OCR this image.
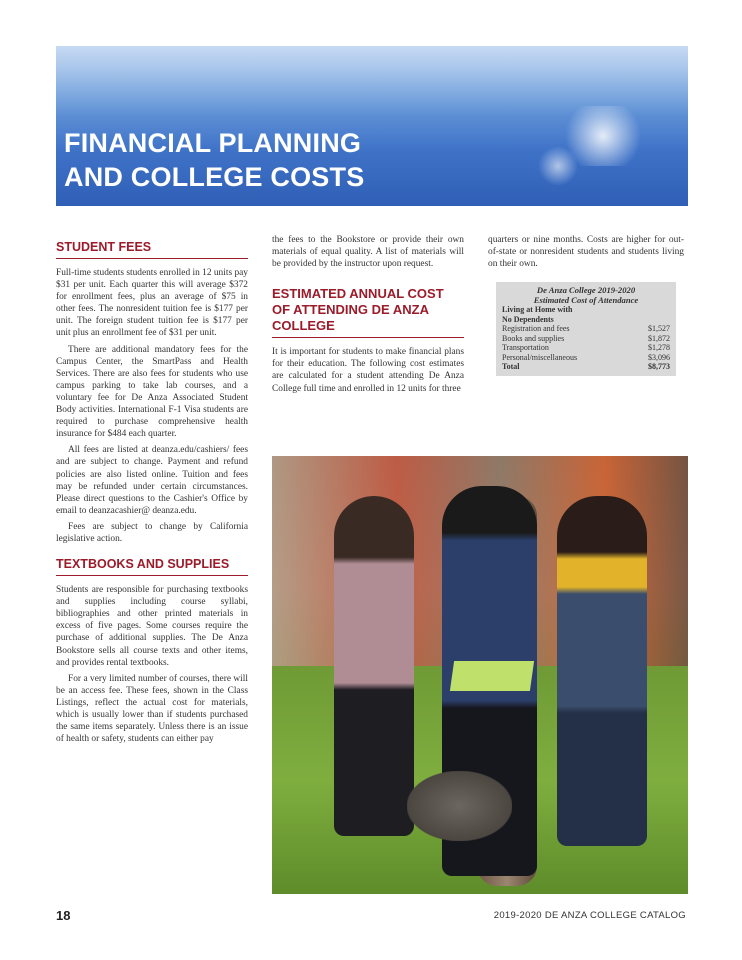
FINANCIAL PLANNING
AND COLLEGE COSTS
STUDENT FEES

Full-time students students enrolled in 12 units pay $31 per unit. Each quarter this will average $372 for enrollment fees, plus an average of $75 in other fees. The nonresident tuition fee is $177 per unit. The foreign student tuition fee is $177 per unit plus an enrollment fee of $31 per unit.

There are additional mandatory fees for the Campus Center, the SmartPass and Health Services. There are also fees for students who use campus parking to take lab courses, and a voluntary fee for De Anza Associated Student Body activities. International F-1 Visa students are required to purchase comprehensive health insurance for $484 each quarter.

All fees are listed at deanza.edu/cashiers/ fees and are subject to change. Payment and refund policies are also listed online. Tuition and fees may be refunded under certain circumstances. Please direct questions to the Cashier's Office by email to deanzacashier@ deanza.edu.

Fees are subject to change by California legislative action.

TEXTBOOKS AND SUPPLIES

Students are responsible for purchasing textbooks and supplies including course syllabi, bibliographies and other printed materials in excess of five pages. Some courses require the purchase of additional supplies. The De Anza Bookstore sells all course texts and other items, and provides rental textbooks.

For a very limited number of courses, there will be an access fee. These fees, shown in the Class Listings, reflect the actual cost for materials, which is usually lower than if students purchased the same items separately. Unless there is an issue of health or safety, students can either pay

the fees to the Bookstore or provide their own materials of equal quality. A list of materials will be provided by the instructor upon request.

ESTIMATED ANNUAL COST OF ATTENDING DE ANZA COLLEGE

It is important for students to make financial plans for their education. The following cost estimates are calculated for a student attending De Anza College full time and enrolled in 12 units for three

quarters or nine months. Costs are higher for out-of-state or nonresident students and students living on their own.

De Anza College 2019-2020
Estimated Cost of Attendance
Living at Home with
No Dependents
Registration and fees	$1,527
Books and supplies	$1,872
Transportation	$1,278
Personal/miscellaneous	$3,096
Total	$8,773
18	2019-2020 DE ANZA COLLEGE CATALOG
